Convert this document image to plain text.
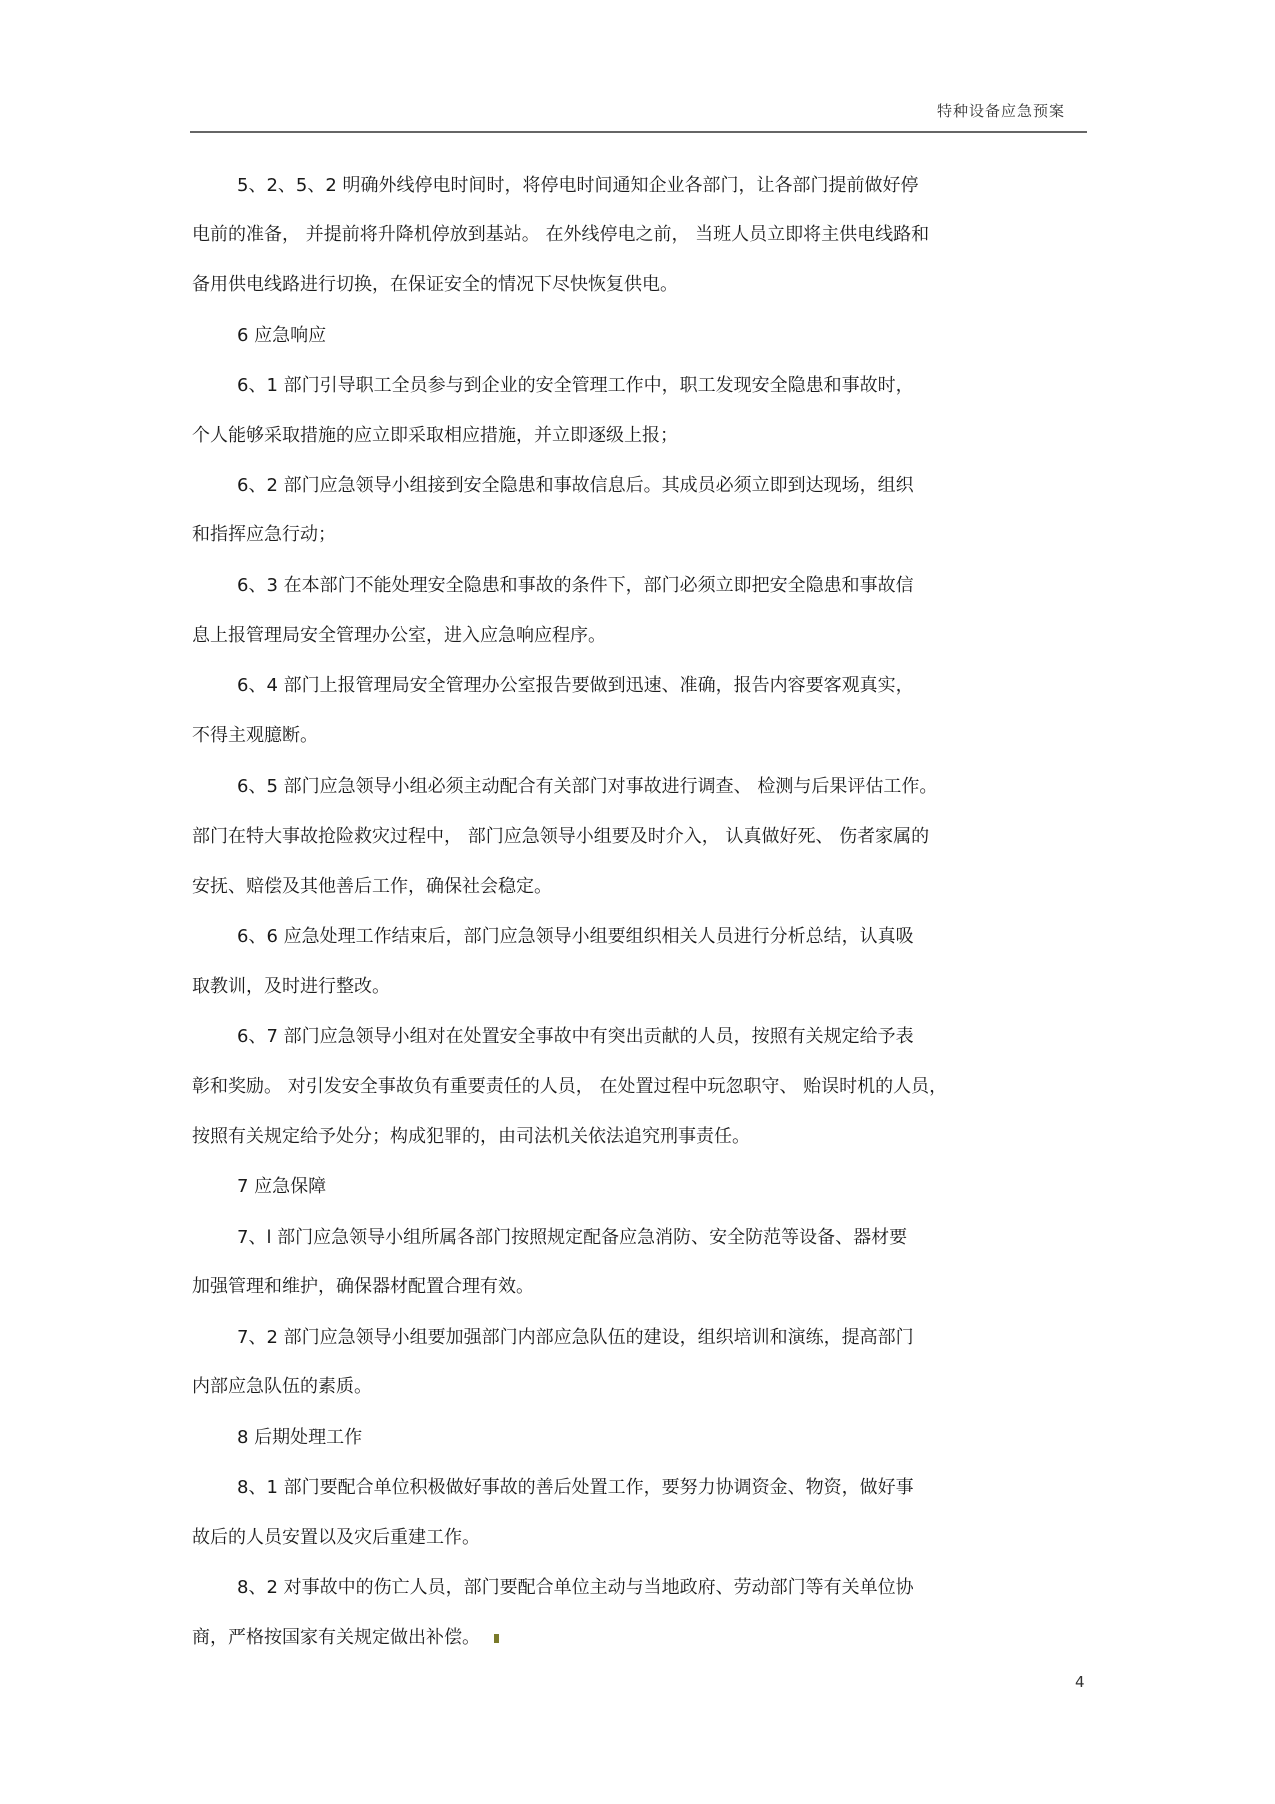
特种设备应急预案
5、2、5、2 明确外线停电时间时，将停电时间通知企业各部门，让各部门提前做好停
电前的准备， 并提前将升降机停放到基站。 在外线停电之前， 当班人员立即将主供电线路和
备用供电线路进行切换，在保证安全的情况下尽快恢复供电。
6 应急响应
6、1 部门引导职工全员参与到企业的安全管理工作中，职工发现安全隐患和事故时，
个人能够采取措施的应立即采取相应措施，并立即逐级上报；
6、2 部门应急领导小组接到安全隐患和事故信息后。其成员必须立即到达现场，组织
和指挥应急行动；
6、3 在本部门不能处理安全隐患和事故的条件下，部门必须立即把安全隐患和事故信
息上报管理局安全管理办公室，进入应急响应程序。
6、4 部门上报管理局安全管理办公室报告要做到迅速、准确，报告内容要客观真实，
不得主观臆断。
6、5 部门应急领导小组必须主动配合有关部门对事故进行调查、 检测与后果评估工作。
部门在特大事故抢险救灾过程中， 部门应急领导小组要及时介入， 认真做好死、 伤者家属的
安抚、赔偿及其他善后工作，确保社会稳定。
6、6 应急处理工作结束后，部门应急领导小组要组织相关人员进行分析总结，认真吸
取教训，及时进行整改。
6、7 部门应急领导小组对在处置安全事故中有突出贡献的人员，按照有关规定给予表
彰和奖励。 对引发安全事故负有重要责任的人员， 在处置过程中玩忽职守、 贻误时机的人员，
按照有关规定给予处分；构成犯罪的，由司法机关依法追究刑事责任。
7 应急保障
7、l 部门应急领导小组所属各部门按照规定配备应急消防、安全防范等设备、器材要
加强管理和维护，确保器材配置合理有效。
7、2 部门应急领导小组要加强部门内部应急队伍的建设，组织培训和演练，提高部门
内部应急队伍的素质。
8 后期处理工作
8、1 部门要配合单位积极做好事故的善后处置工作，要努力协调资金、物资，做好事
故后的人员安置以及灾后重建工作。
8、2 对事故中的伤亡人员，部门要配合单位主动与当地政府、劳动部门等有关单位协
商，严格按国家有关规定做出补偿。
4
